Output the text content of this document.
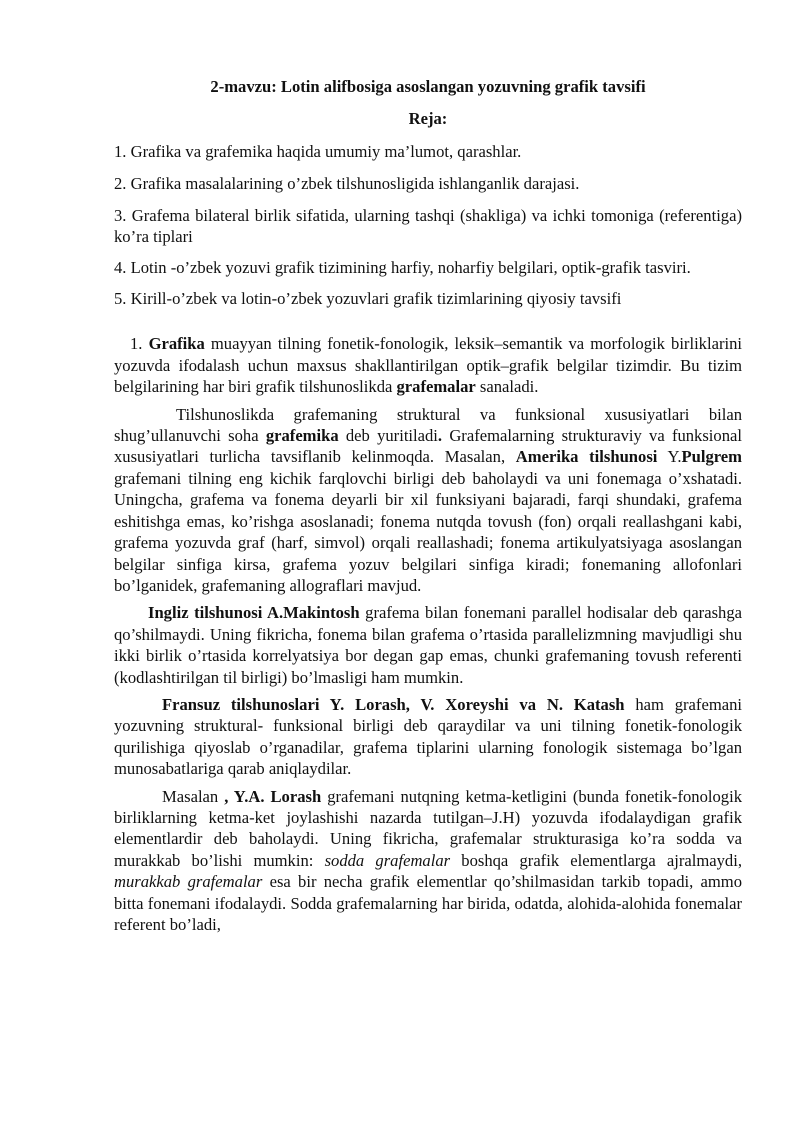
2-mavzu: Lotin alifbosiga asoslangan yozuvning grafik tavsifi

Reja:

1. Grafika va grafemika haqida umumiy ma’lumot, qarashlar.

2. Grafika masalalarining o’zbek tilshunosligida ishlanganlik darajasi.

3. Grafema bilateral birlik sifatida, ularning tashqi (shakliga) va ichki tomoniga (referentiga) ko’ra tiplari

4. Lotin -o’zbek yozuvi grafik tizimining harfiy, noharfiy belgilari, optik-grafik tasviri.

5. Kirill-o’zbek va lotin-o’zbek yozuvlari grafik tizimlarining qiyosiy tavsifi

1. Grafika muayyan tilning fonetik-fonologik, leksik–semantik va morfologik birliklarini yozuvda ifodalash uchun maxsus shakllantirilgan optik–grafik belgilar tizimdir. Bu tizim belgilarining har biri grafik tilshunoslikda grafemalar sanaladi.

Tilshunoslikda grafemaning struktural va funksional xususiyatlari bilan shug’ullanuvchi soha grafemika deb yuritiladi. Grafemalarning strukturaviy va funksional xususiyatlari turlicha tavsiflanib kelinmoqda. Masalan, Amerika tilshunosi Y.Pulgrem grafemani tilning eng kichik farqlovchi birligi deb baholaydi va uni fonemaga o’xshatadi. Uningcha, grafema va fonema deyarli bir xil funksiyani bajaradi, farqi shundaki, grafema eshitishga emas, ko’rishga asoslanadi; fonema nutqda tovush (fon) orqali reallashgani kabi, grafema yozuvda graf (harf, simvol) orqali reallashadi; fonema artikulyatsiyaga asoslangan belgilar sinfiga kirsa, grafema yozuv belgilari sinfiga kiradi; fonemaning allofonlari bo’lganidek, grafemaning allograflari mavjud.

Ingliz tilshunosi A.Makintosh grafema bilan fonemani parallel hodisalar deb qarashga qo’shilmaydi. Uning fikricha, fonema bilan grafema o’rtasida parallelizmning mavjudligi shu ikki birlik o’rtasida korrelyatsiya bor degan gap emas, chunki grafemaning tovush referenti (kodlashtirilgan til birligi) bo’lmasligi ham mumkin.

Fransuz tilshunoslari Y. Lorash, V. Xoreyshi va N. Katash ham grafemani yozuvning struktural- funksional birligi deb qaraydilar va uni tilning fonetik-fonologik qurilishiga qiyoslab o’rganadilar, grafema tiplarini ularning fonologik sistemaga bo’lgan munosabatlariga qarab aniqlaydilar.

Masalan , Y.A. Lorash grafemani nutqning ketma-ketligini (bunda fonetik-fonologik birliklarning ketma-ket joylashishi nazarda tutilgan–J.H) yozuvda ifodalaydigan grafik elementlardir deb baholaydi. Uning fikricha, grafemalar strukturasiga ko’ra sodda va murakkab bo’lishi mumkin: sodda grafemalar boshqa grafik elementlarga ajralmaydi, murakkab grafemalar esa bir necha grafik elementlar qo’shilmasidan tarkib topadi, ammo bitta fonemani ifodalaydi. Sodda grafemalarning har birida, odatda, alohida-alohida fonemalar referent bo’ladi,
